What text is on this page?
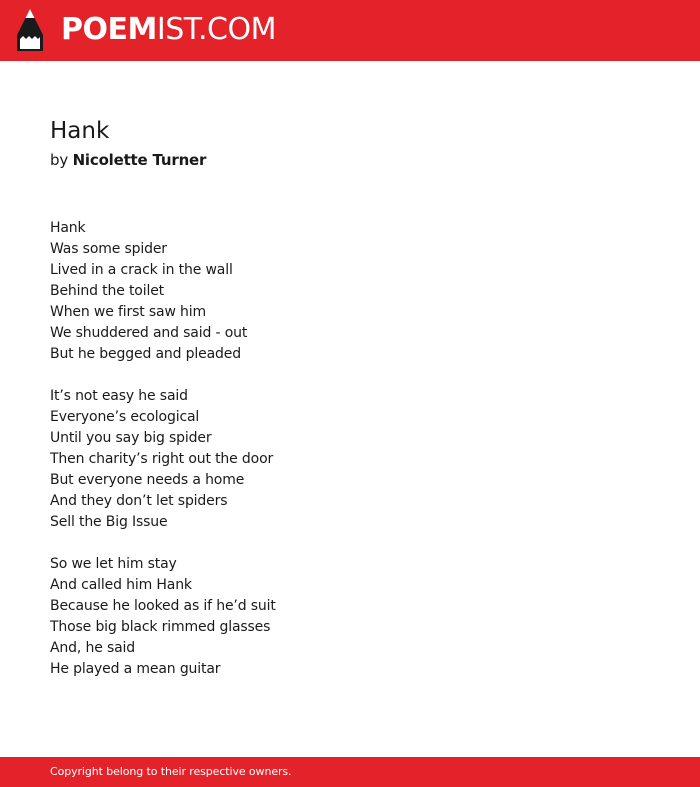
POEMIST.COM
Hank
by Nicolette Turner
Hank
Was some spider
Lived in a crack in the wall
Behind the toilet
When we first saw him
We shuddered and said - out
But he begged and pleaded
It’s not easy he said
Everyone’s ecological
Until you say big spider
Then charity’s right out the door
But everyone needs a home
And they don’t let spiders
Sell the Big Issue
So we let him stay
And called him Hank
Because he looked as if he’d suit
Those big black rimmed glasses
And, he said
He played a mean guitar
Copyright belong to their respective owners.
